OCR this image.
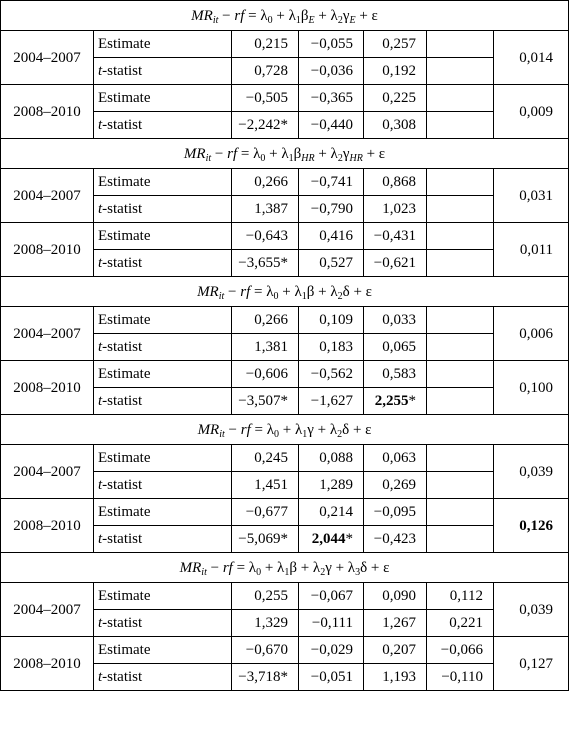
$MR_{it}$ − rf = $\lambda_0 + \lambda_1\beta_E + \lambda_2\gamma_E + \varepsilon$						
2004–2007	Estimate	0,215	−0,055	0,257		0,014
	t-statist	0,728	−0,036	0,192		
2008–2010	Estimate	−0,505	−0,365	0,225		0,009
	t-statist	−2,242*	−0,440	0,308		
$MR_{it}$ − rf = $\lambda_0 + \lambda_1\beta_{HR} + \lambda_2\gamma_{HR} + \varepsilon$						
2004–2007	Estimate	0,266	−0,741	0,868		0,031
	t-statist	1,387	−0,790	1,023		
2008–2010	Estimate	−0,643	0,416	−0,431		0,011
	t-statist	−3,655*	0,527	−0,621		
$MR_{it}$ − rf = $\lambda_0 + \lambda_1\beta + \lambda_2\delta + \varepsilon$						
2004–2007	Estimate	0,266	0,109	0,033		0,006
	t-statist	1,381	0,183	0,065		
2008–2010	Estimate	−0,606	−0,562	0,583		0,100
	t-statist	−3,507*	−1,627	2,255*		
$MR_{it}$ − rf = $\lambda_0 + \lambda_1\gamma + \lambda_2\delta + \varepsilon$						
2004–2007	Estimate	0,245	0,088	0,063		0,039
	t-statist	1,451	1,289	0,269		
2008–2010	Estimate	−0,677	0,214	−0,095		0,126
	t-statist	−5,069*	2,044*	−0,423		
$MR_{it}$ − rf = $\lambda_0 + \lambda_1\beta + \lambda_2\gamma + \lambda_3\delta + \varepsilon$						
2004–2007	Estimate	0,255	−0,067	0,090	0,112	0,039
	t-statist	1,329	−0,111	1,267	0,221	
2008–2010	Estimate	−0,670	−0,029	0,207	−0,066	0,127
	t-statist	−3,718*	−0,051	1,193	−0,110	
